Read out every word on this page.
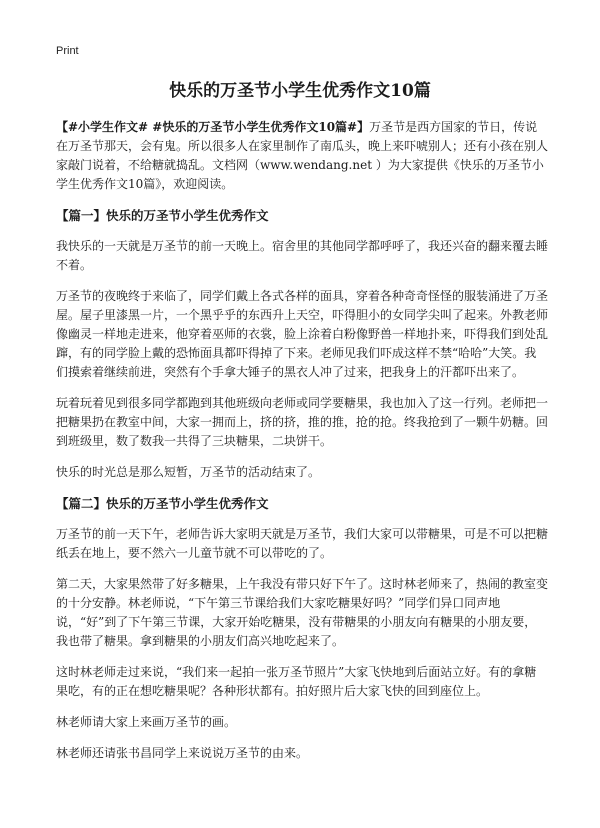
Print
快乐的万圣节小学生优秀作文10篇

【#小学生作文# #快乐的万圣节小学生优秀作文10篇#】万圣节是西方国家的节日，传说在万圣节那天，会有鬼。所以很多人在家里制作了南瓜头，晚上来吓唬别人；还有小孩在别人家敲门说着，不给糖就捣乱。文档网（www.wendang.net ）为大家提供《快乐的万圣节小学生优秀作文10篇》，欢迎阅读。

【篇一】快乐的万圣节小学生优秀作文

我快乐的一天就是万圣节的前一天晚上。宿舍里的其他同学都呼呼了，我还兴奋的翻来覆去睡不着。

万圣节的夜晚终于来临了，同学们戴上各式各样的面具，穿着各种奇奇怪怪的服装涌进了万圣屋。屋子里漆黑一片，一个黑乎乎的东西升上天空，吓得胆小的女同学尖叫了起来。外教老师像幽灵一样地走进来，他穿着巫师的衣裳，脸上涂着白粉像野兽一样地扑来，吓得我们到处乱蹿，有的同学脸上戴的恐怖面具都吓得掉了下来。老师见我们吓成这样不禁“哈哈”大笑。我们摸索着继续前进，突然有个手拿大锤子的黑衣人冲了过来，把我身上的汗都吓出来了。

玩着玩着见到很多同学都跑到其他班级向老师或同学要糖果，我也加入了这一行列。老师把一把糖果扔在教室中间，大家一拥而上，挤的挤，推的推，抢的抢。终我抢到了一颗牛奶糖。回到班级里，数了数我一共得了三块糖果，二块饼干。

快乐的时光总是那么短暂，万圣节的活动结束了。

【篇二】快乐的万圣节小学生优秀作文

万圣节的前一天下午，老师告诉大家明天就是万圣节，我们大家可以带糖果，可是不可以把糖纸丢在地上，要不然六一儿童节就不可以带吃的了。

第二天，大家果然带了好多糖果，上午我没有带只好下午了。这时林老师来了，热闹的教室变的十分安静。林老师说，“下午第三节课给我们大家吃糖果好吗？”同学们异口同声地说，“好”到了下午第三节课，大家开始吃糖果，没有带糖果的小朋友向有糖果的小朋友要，我也带了糖果。拿到糖果的小朋友们高兴地吃起来了。

这时林老师走过来说，“我们来一起拍一张万圣节照片”大家飞快地到后面站立好。有的拿糖果吃，有的正在想吃糖果呢？各种形状都有。拍好照片后大家飞快的回到座位上。

林老师请大家上来画万圣节的画。

林老师还请张书昌同学上来说说万圣节的由来。
